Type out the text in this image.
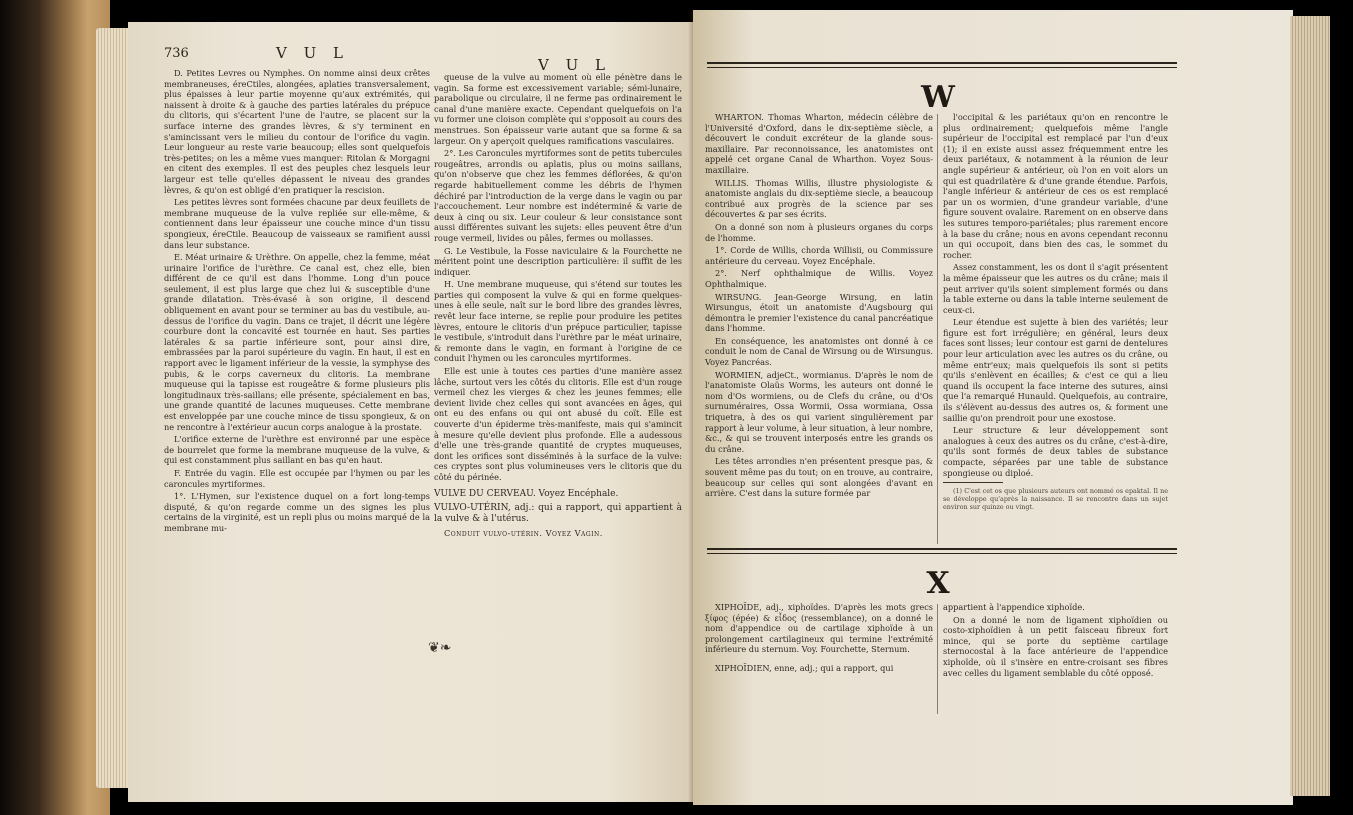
736	V U L
V U L

D. Petites Levres ou Nymphes. On nomme ainsi deux crêtes membraneuses, éreCtiles, alongées, aplaties transversalement, plus épaisses à leur partie moyenne qu'aux extrémités, qui naissent à droite & à gauche des parties latérales du prépuce du clitoris, qui s'écartent l'une de l'autre, se placent sur la surface interne des grandes lèvres, & s'y terminent en s'amincissant vers le milieu du contour de l'orifice du vagin. Leur longueur au reste varie beaucoup; elles sont quelquefois très-petites; on les a même vues manquer: Ritolan & Morgagni en citent des exemples. Il est des peuples chez lesquels leur largeur est telle qu'elles dépassent le niveau des grandes lèvres, & qu'on est obligé d'en pratiquer la rescision.

Les petites lèvres sont formées chacune par deux feuillets de membrane muqueuse de la vulve repliée sur elle-même, & contiennent dans leur épaisseur une couche mince d'un tissu spongieux, éreCtile. Beaucoup de vaisseaux se ramifient aussi dans leur substance.

E. Méat urinaire & Urèthre. On appelle, chez la femme, méat urinaire l'orifice de l'urèthre. Ce canal est, chez elle, bien différent de ce qu'il est dans l'homme. Long d'un pouce seulement, il est plus large que chez lui & susceptible d'une grande dilatation. Très-évasé à son origine, il descend obliquement en avant pour se terminer au bas du vestibule, au-dessus de l'orifice du vagin. Dans ce trajet, il décrit une légère courbure dont la concavité est tournée en haut. Ses parties latérales & sa partie inférieure sont, pour ainsi dire, embrassées par la paroi supérieure du vagin. En haut, il est en rapport avec le ligament inférieur de la vessie, la symphyse des pubis, & le corps caverneux du clitoris. La membrane muqueuse qui la tapisse est rougeâtre & forme plusieurs plis longitudinaux très-saillans; elle présente, spécialement en bas, une grande quantité de lacunes muqueuses. Cette membrane est enveloppée par une couche mince de tissu spongieux, & on ne rencontre à l'extérieur aucun corps analogue à la prostate.

L'orifice externe de l'urèthre est environné par une espèce de bourrelet que forme la membrane muqueuse de la vulve, & qui est constamment plus saillant en bas qu'en haut.

F. Entrée du vagin. Elle est occupée par l'hymen ou par les caroncules myrtiformes.

1°. L'Hymen, sur l'existence duquel on a fort long-temps disputé, & qu'on regarde comme un des signes les plus certains de la virginité, est un repli plus ou moins marqué de la membrane mu-

queuse de la vulve au moment où elle pénètre dans le vagin. Sa forme est excessivement variable; sémi-lunaire, parabolique ou circulaire, il ne ferme pas ordinairement le canal d'une manière exacte. Cependant quelquefois on l'a vu former une cloison complète qui s'opposoit au cours des menstrues. Son épaisseur varie autant que sa forme & sa largeur. On y aperçoit quelques ramifications vasculaires.

2°. Les Caroncules myrtiformes sont de petits tubercules rougeâtres, arrondis ou aplatis, plus ou moins saillans, qu'on n'observe que chez les femmes déflorées, & qu'on regarde habituellement comme les débris de l'hymen déchiré par l'introduction de la verge dans le vagin ou par l'accouchement. Leur nombre est indéterminé & varie de deux à cinq ou six. Leur couleur & leur consistance sont aussi différentes suivant les sujets: elles peuvent être d'un rouge vermeil, livides ou pâles, fermes ou mollasses.

G. Le Vestibule, la Fosse naviculaire & la Fourchette ne méritent point une description particulière: il suffit de les indiquer.

H. Une membrane muqueuse, qui s'étend sur toutes les parties qui composent la vulve & qui en forme quelques-unes à elle seule, naît sur le bord libre des grandes lèvres, revêt leur face interne, se replie pour produire les petites lèvres, entoure le clitoris d'un prépuce particulier, tapisse le vestibule, s'introduit dans l'urèthre par le méat urinaire, & remonte dans le vagin, en formant à l'origine de ce conduit l'hymen ou les caroncules myrtiformes.

Elle est unie à toutes ces parties d'une manière assez lâche, surtout vers les côtés du clitoris. Elle est d'un rouge vermeil chez les vierges & chez les jeunes femmes; elle devient livide chez celles qui sont avancées en âges, qui ont eu des enfans ou qui ont abusé du coït. Elle est couverte d'un épiderme très-manifeste, mais qui s'amincit à mesure qu'elle devient plus profonde. Elle a audessous d'elle une très-grande quantité de cryptes muqueuses, dont les orifices sont disséminés à la surface de la vulve: ces cryptes sont plus volumineuses vers le clitoris que du côté du périnée.

VULVE DU CERVEAU. Voyez Encéphale.

VULVO-UTÉRIN, adj.: qui a rapport, qui appartient à la vulve & à l'utérus.

Conduit vulvo-utérin. Voyez Vagin.

❦❧
W

WHARTON. Thomas Wharton, médecin célèbre de l'Université d'Oxford, dans le dix-septième siècle, a découvert le conduit excréteur de la glande sous-maxillaire. Par reconnoissance, les anatomistes ont appelé cet organe Canal de Wharthon. Voyez Sous-maxillaire.

WILLIS. Thomas Willis, illustre physiologiste & anatomiste anglais du dix-septième siecle, a beaucoup contribué aux progrès de la science par ses découvertes & par ses écrits.

On a donné son nom à plusieurs organes du corps de l'homme.

1°. Corde de Willis, chorda Willisii, ou Commissure antérieure du cerveau. Voyez Encéphale.

2°. Nerf ophthalmique de Willis. Voyez Ophthalmique.

WIRSUNG. Jean-George Wirsung, en latin Wirsungus, étoit un anatomiste d'Augsbourg qui démontra le premier l'existence du canal pancréatique dans l'homme.

En conséquence, les anatomistes ont donné à ce conduit le nom de Canal de Wirsung ou de Wirsungus. Voyez Pancréas.

WORMIEN, adjeCt., wormianus. D'après le nom de l'anatomiste Olaüs Worms, les auteurs ont donné le nom d'Os wormiens, ou de Clefs du crâne, ou d'Os surnuméraires, Ossa Wormii, Ossa wormiana, Ossa triquetra, à des os qui varient singulièrement par rapport à leur volume, à leur situation, à leur nombre, &c., & qui se trouvent interposés entre les grands os du crâne.

Les têtes arrondies n'en présentent presque pas, & souvent même pas du tout; on en trouve, au contraire, beaucoup sur celles qui sont alongées d'avant en arrière. C'est dans la suture formée par

l'occipital & les pariétaux qu'on en rencontre le plus ordinairement; quelquefois même l'angle supérieur de l'occipital est remplacé par l'un d'eux (1); il en existe aussi assez fréquemment entre les deux pariétaux, & notamment à la réunion de leur angle supérieur & antérieur, où l'on en voit alors un qui est quadrilatère & d'une grande étendue. Parfois, l'angle inférieur & antérieur de ces os est remplacé par un os wormien, d'une grandeur variable, d'une figure souvent ovalaire. Rarement on en observe dans les sutures temporo-pariétales; plus rarement encore à la base du crâne; nous en avons cependant reconnu un qui occupoit, dans bien des cas, le sommet du rocher.

Assez constamment, les os dont il s'agit présentent la même épaisseur que les autres os du crâne; mais il peut arriver qu'ils soient simplement formés ou dans la table externe ou dans la table interne seulement de ceux-ci.

Leur étendue est sujette à bien des variétés; leur figure est fort irrégulière; en général, leurs deux faces sont lisses; leur contour est garni de dentelures pour leur articulation avec les autres os du crâne, ou même entr'eux; mais quelquefois ils sont si petits qu'ils s'enlèvent en écailles; & c'est ce qui a lieu quand ils occupent la face interne des sutures, ainsi que l'a remarqué Hunauld. Quelquefois, au contraire, ils s'élèvent au-dessus des autres os, & forment une saillie qu'on prendroit pour une exostose.

Leur structure & leur développement sont analogues à ceux des autres os du crâne, c'est-à-dire, qu'ils sont formés de deux tables de substance compacte, séparées par une table de substance spongieuse ou diploé.

(1) C'est cet os que plusieurs auteurs ont nommé os epaktal. Il ne se développe qu'après la naissance. Il se rencontre dans un sujet environ sur quinze ou vingt.

X

XIPHOÏDE, adj., xiphoïdes. D'après les mots grecs ξίφος (épée) & εἶδος (ressemblance), on a donné le nom d'appendice ou de cartilage xiphoïde à un prolongement cartilagineux qui termine l'extrémité inférieure du sternum. Voy. Fourchette, Sternum.

XIPHOÏDIEN, enne, adj.; qui a rapport, qui

appartient à l'appendice xiphoïde.

On a donné le nom de ligament xiphoïdien ou costo-xiphoïdien à un petit faisceau fibreux fort mince, qui se porte du septième cartilage sternocostal à la face antérieure de l'appendice xiphoïde, où il s'insère en entre-croisant ses fibres avec celles du ligament semblable du côté opposé.
